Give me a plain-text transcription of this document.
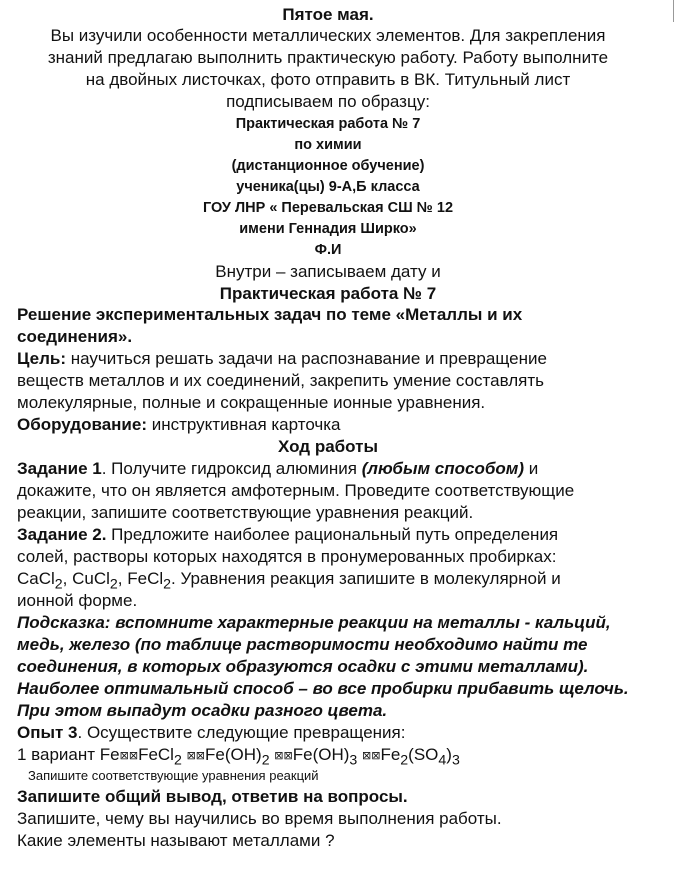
Пятое мая.
Вы изучили особенности металлических элементов. Для закрепления
знаний предлагаю выполнить практическую работу. Работу выполните
на двойных листочках, фото отправить в ВК. Титульный лист
подписываем по образцу:
Практическая работа № 7
по химии
(дистанционное обучение)
ученика(цы) 9-А,Б класса
ГОУ ЛНР « Перевальская СШ № 12
имени Геннадия Ширко»
Ф.И
Внутри – записываем дату и
Практическая работа № 7
Решение экспериментальных задач по теме «Металлы и их
соединения».
Цель: научиться решать задачи на распознавание и превращение
веществ металлов и их соединений, закрепить умение составлять
молекулярные, полные и сокращенные ионные уравнения.
Оборудование: инструктивная карточка
Ход работы
Задание 1. Получите гидроксид алюминия (любым способом) и
докажите, что он является амфотерным. Проведите соответствующие
реакции, запишите соответствующие уравнения реакций.
Задание 2. Предложите наиболее рациональный путь определения
солей, растворы которых находятся в пронумерованных пробирках:
CaCl$_2$, CuCl$_2$, FeCl$_2$. Уравнения реакция запишите в молекулярной и
ионной форме.
Подсказка: вспомните характерные реакции на металлы - кальций,
медь, железо (по таблице растворимости необходимо найти те
соединения, в которых образуются осадки с этими металлами).
Наиболее оптимальный способ – во все пробирки прибавить щелочь.
При этом выпадут осадки разного цвета.
Опыт 3. Осуществите следующие превращения:
1 вариант Fe⊠⊠FeCl$_2$ $⊠⊠Fe(OH)_2$ $⊠⊠Fe(OH)_3$ $⊠⊠Fe_2(SO_4)_3$
Запишите соответствующие уравнения реакций
Запишите общий вывод, ответив на вопросы.
Запишите, чему вы научились во время выполнения работы.
Какие элементы называют металлами ?
